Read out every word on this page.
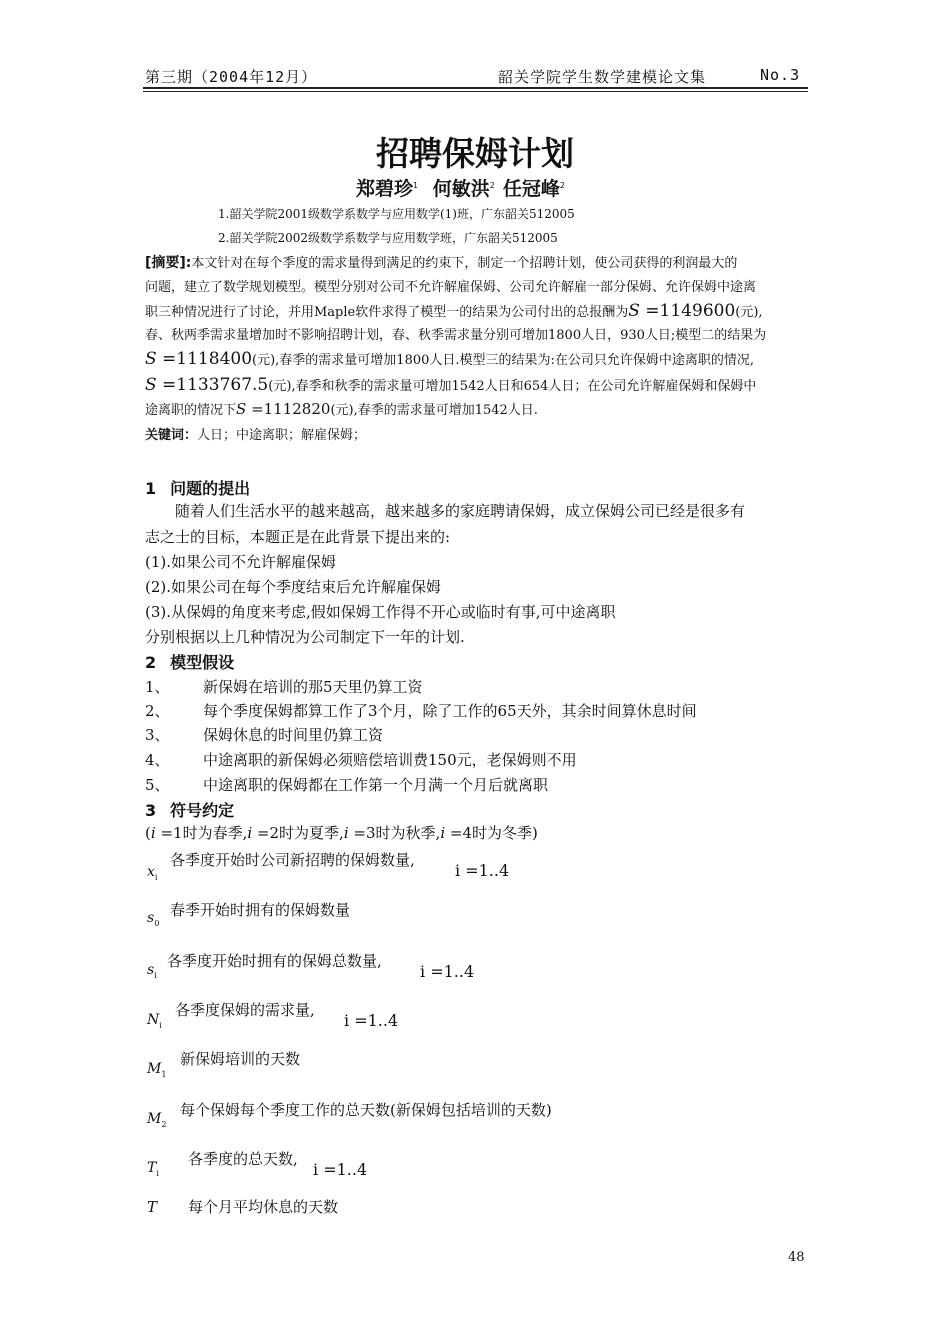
第三期（2004年12月）	韶关学院学生数学建模论文集	No.3
招聘保姆计划
郑碧珍$^1$ 何敏洪$^2$ 任冠峰$^2$
1.韶关学院2001级数学系数学与应用数学(1)班，广东韶关512005
2.韶关学院2002级数学系数学与应用数学班，广东韶关512005
[摘要]:本文针对在每个季度的需求量得到满足的约束下，制定一个招聘计划，使公司获得的利润最大的
问题，建立了数学规划模型。模型分别对公司不允许解雇保姆、公司允许解雇一部分保姆、允许保姆中途离
职三种情况进行了讨论，并用Maple软件求得了模型一的结果为公司付出的总报酬为S =1149600(元),
春、秋两季需求量增加时不影响招聘计划，春、秋季需求量分别可增加1800人日，930人日;模型二的结果为
S =1118400(元),春季的需求量可增加1800人日.模型三的结果为:在公司只允许保姆中途离职的情况,
S =1133767.5(元),春季和秋季的需求量可增加1542人日和654人日；在公司允许解雇保姆和保姆中
途离职的情况下S =1112820(元),春季的需求量可增加1542人日.
关键词：人日；中途离职；解雇保姆；
1 问题的提出
随着人们生活水平的越来越高，越来越多的家庭聘请保姆，成立保姆公司已经是很多有
志之士的目标，本题正是在此背景下提出来的:
(1).如果公司不允许解雇保姆
(2).如果公司在每个季度结束后允许解雇保姆
(3).从保姆的角度来考虑,假如保姆工作得不开心或临时有事,可中途离职
分别根据以上几种情况为公司制定下一年的计划.
2 模型假设
1、 新保姆在培训的那5天里仍算工资
2、 每个季度保姆都算工作了3个月，除了工作的65天外，其余时间算休息时间
3、 保姆休息的时间里仍算工资
4、 中途离职的新保姆必须赔偿培训费150元，老保姆则不用
5、 中途离职的保姆都在工作第一个月满一个月后就离职
3 符号约定
(i =1时为春季,i =2时为夏季,i =3时为秋季,i =4时为冬季)
$x_i$
各季度开始时公司新招聘的保姆数量,
i =1..4
$s_0$
春季开始时拥有的保姆数量
$s_i$
各季度开始时拥有的保姆总数量,
i =1..4
$N_i$
各季度保姆的需求量,
i =1..4
$M_1$
新保姆培训的天数
$M_2$
每个保姆每个季度工作的总天数(新保姆包括培训的天数)
$T_i$
各季度的总天数,
i =1..4
T 每个月平均休息的天数
48
